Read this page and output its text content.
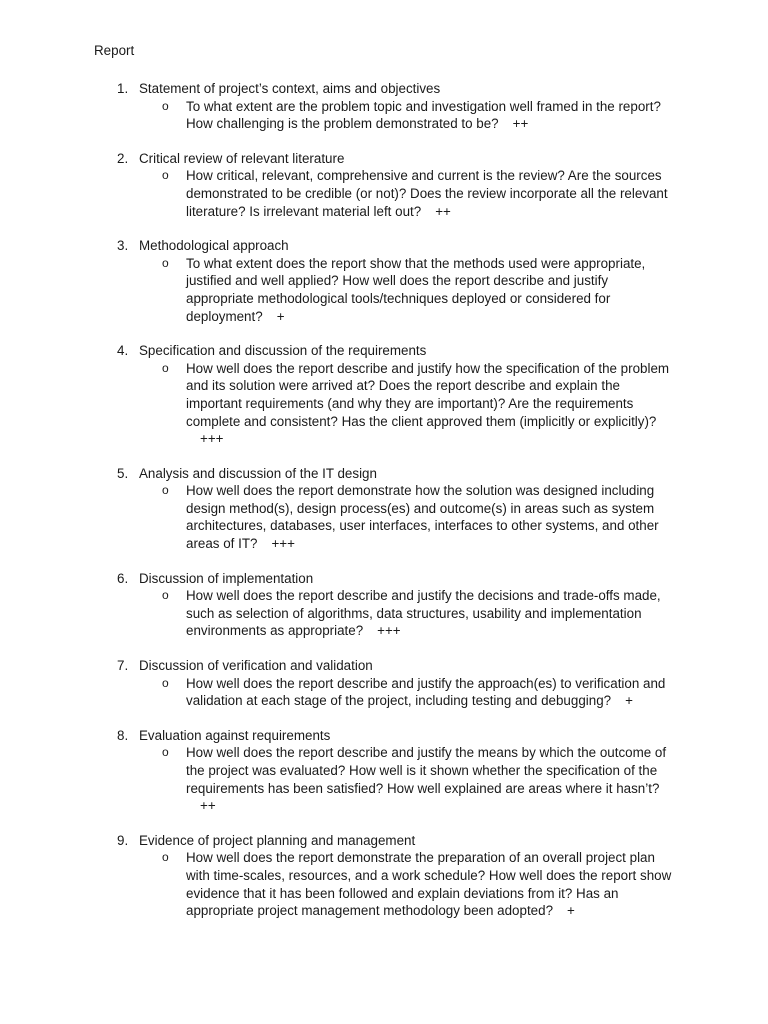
Report
1. Statement of project’s context, aims and objectives
o To what extent are the problem topic and investigation well framed in the report? How challenging is the problem demonstrated to be? ++
2. Critical review of relevant literature
o How critical, relevant, comprehensive and current is the review? Are the sources demonstrated to be credible (or not)? Does the review incorporate all the relevant literature? Is irrelevant material left out? ++
3. Methodological approach
o To what extent does the report show that the methods used were appropriate, justified and well applied? How well does the report describe and justify appropriate methodological tools/techniques deployed or considered for deployment? +
4. Specification and discussion of the requirements
o How well does the report describe and justify how the specification of the problem and its solution were arrived at? Does the report describe and explain the important requirements (and why they are important)? Are the requirements complete and consistent? Has the client approved them (implicitly or explicitly)?+++
5. Analysis and discussion of the IT design
o How well does the report demonstrate how the solution was designed including design method(s), design process(es) and outcome(s) in areas such as system architectures, databases, user interfaces, interfaces to other systems, and other areas of IT? +++
6. Discussion of implementation
o How well does the report describe and justify the decisions and trade-offs made, such as selection of algorithms, data structures, usability and implementation environments as appropriate? +++
7. Discussion of verification and validation
o How well does the report describe and justify the approach(es) to verification and validation at each stage of the project, including testing and debugging? +
8. Evaluation against requirements
o How well does the report describe and justify the means by which the outcome of the project was evaluated? How well is it shown whether the specification of the requirements has been satisfied? How well explained are areas where it hasn’t?++
9. Evidence of project planning and management
o How well does the report demonstrate the preparation of an overall project plan with time-scales, resources, and a work schedule? How well does the report show evidence that it has been followed and explain deviations from it? Has an appropriate project management methodology been adopted? +
